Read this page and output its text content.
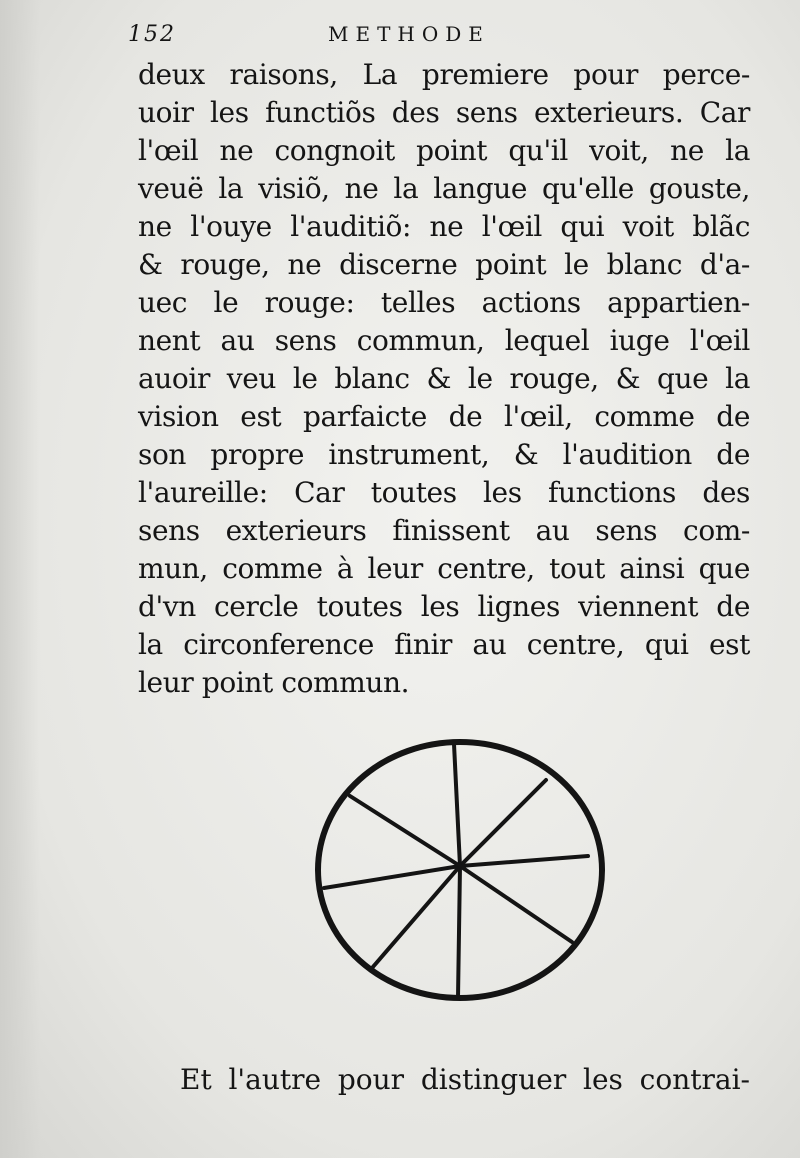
152	METHODE
deux raisons, La premiere pour perce-
uoir les functiõs des sens exterieurs. Car
l'œil ne congnoit point qu'il voit, ne la
veuë la visiõ, ne la langue qu'elle gouste,
ne l'ouye l'auditiõ: ne l'œil qui voit blãc
& rouge, ne discerne point le blanc d'a-
uec le rouge: telles actions appartien-
nent au sens commun, lequel iuge l'œil
auoir veu le blanc & le rouge, & que la
vision est parfaicte de l'œil, comme de
son propre instrument, & l'audition de
l'aureille: Car toutes les functions des
sens exterieurs finissent au sens com-
mun, comme à leur centre, tout ainsi que
d'vn cercle toutes les lignes viennent de
la circonference finir au centre, qui est
leur point commun.
Et l'autre pour distinguer les contrai-
